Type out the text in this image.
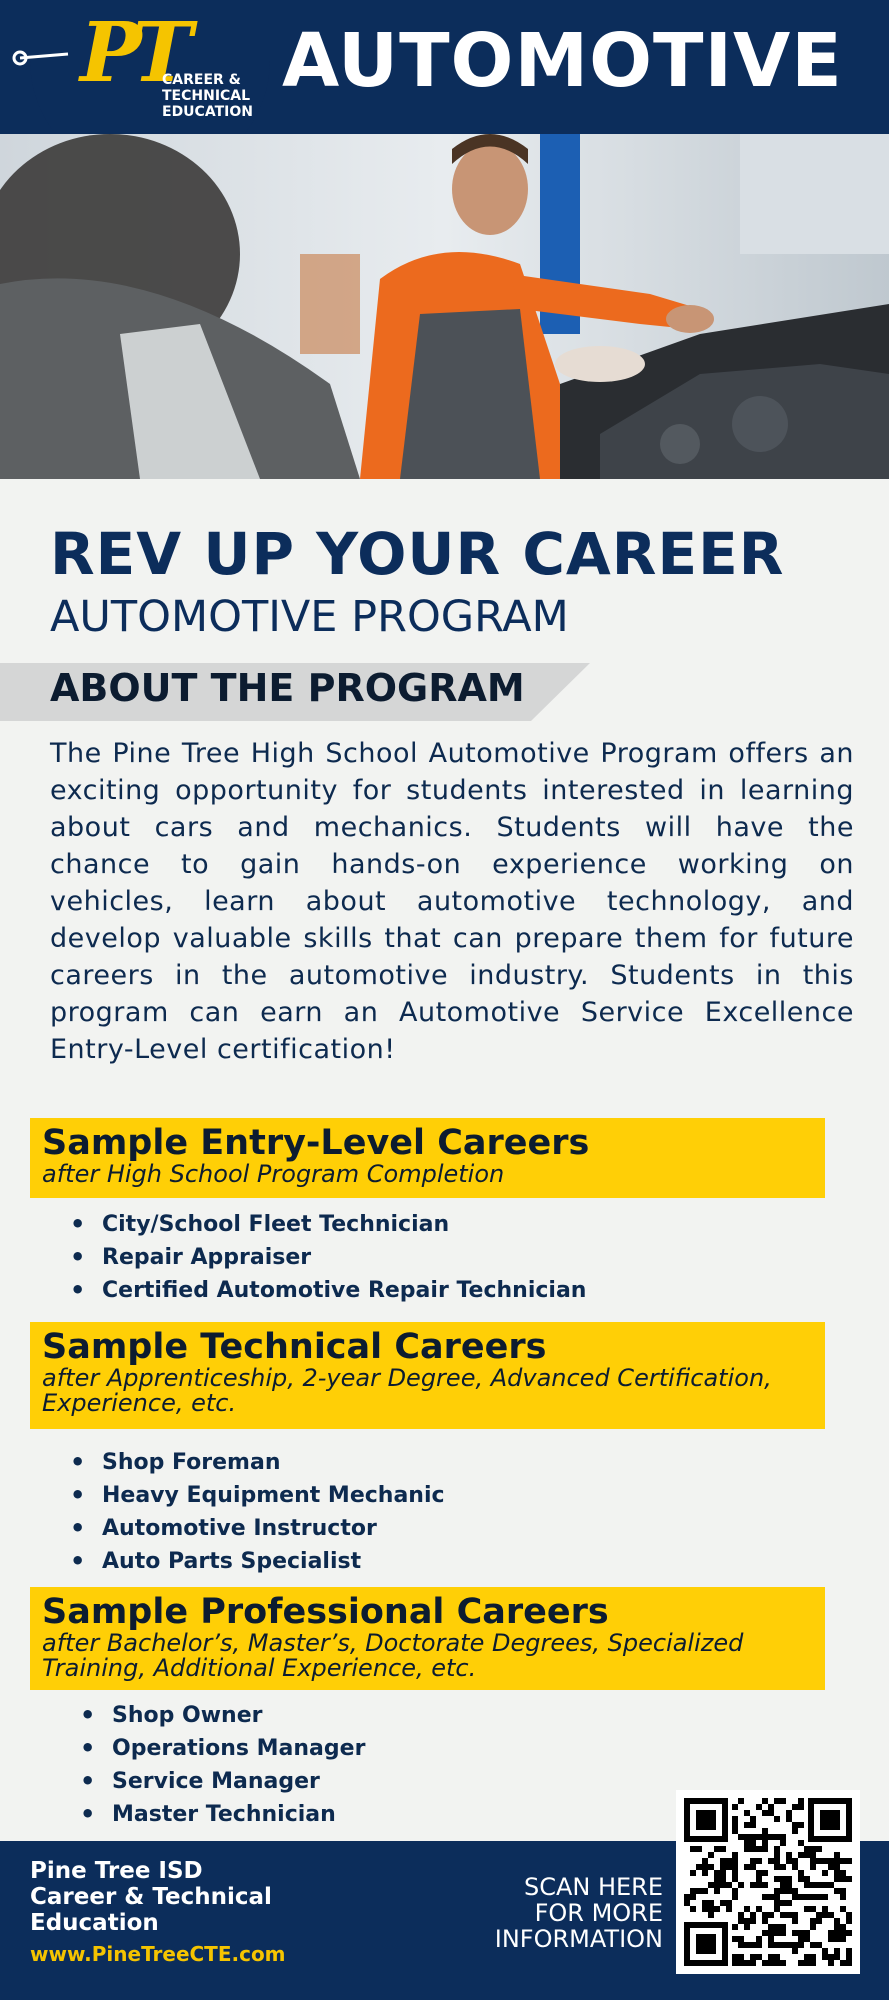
PT
CAREER &
TECHNICAL
EDUCATION
AUTOMOTIVE
REV UP YOUR CAREER
AUTOMOTIVE PROGRAM
ABOUT THE PROGRAM
The Pine Tree High School Automotive Program offers an exciting opportunity for students interested in learning about cars and mechanics. Students will have the chance to gain hands-on experience working on vehicles, learn about automotive technology, and develop valuable skills that can prepare them for future careers in the automotive industry. Students in this program can earn an Automotive Service Excellence Entry-Level certification!
Sample Entry-Level Careers

after High School Program Completion

• City/School Fleet Technician
• Repair Appraiser
• Certified Automotive Repair Technician
Sample Technical Careers

after Apprenticeship, 2-year Degree, Advanced Certification, Experience, etc.

• Shop Foreman
• Heavy Equipment Mechanic
• Automotive Instructor
• Auto Parts Specialist
Sample Professional Careers

after Bachelor’s, Master’s, Doctorate Degrees, Specialized Training, Additional Experience, etc.

• Shop Owner
• Operations Manager
• Service Manager
• Master Technician
Pine Tree ISD
Career & Technical
Education
www.PineTreeCTE.com
SCAN HERE
FOR MORE
INFORMATION
